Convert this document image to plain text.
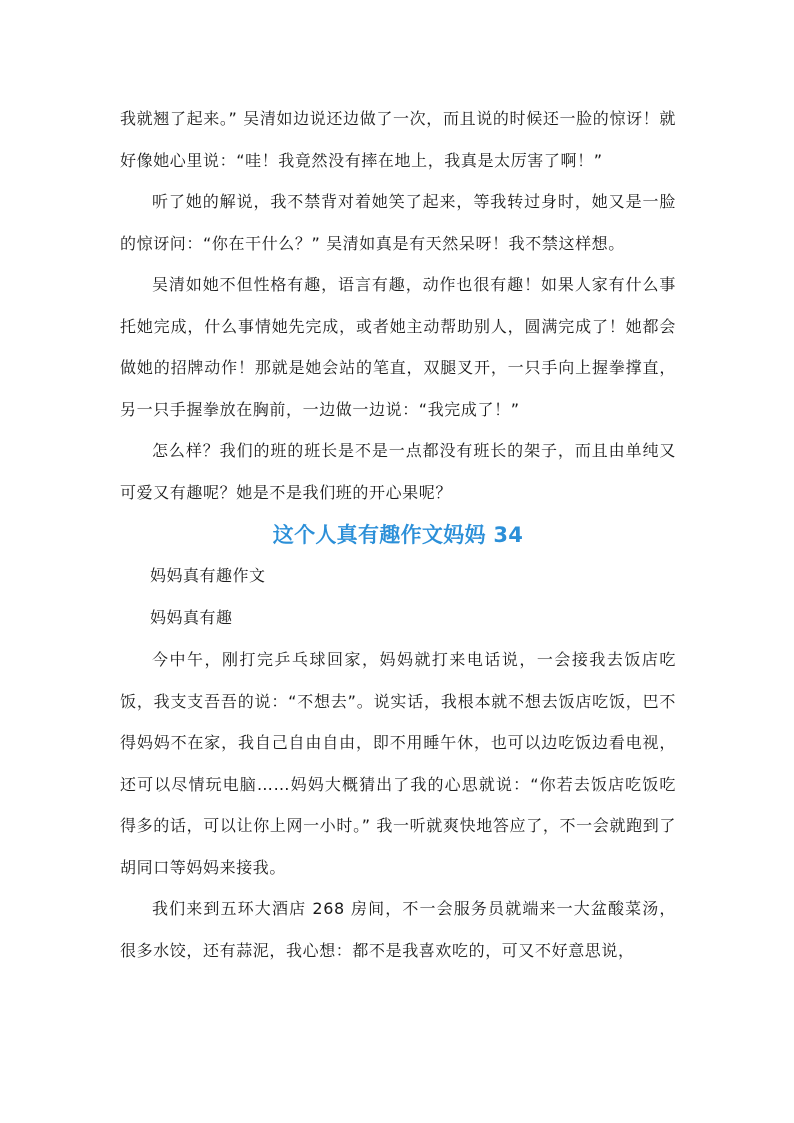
我就翘了起来。” 吴清如边说还边做了一次，而且说的时候还一脸的惊讶！就好像她心里说：“哇！我竟然没有摔在地上，我真是太厉害了啊！”

听了她的解说，我不禁背对着她笑了起来，等我转过身时，她又是一脸的惊讶问：“你在干什么？” 吴清如真是有天然呆呀！我不禁这样想。

吴清如她不但性格有趣，语言有趣，动作也很有趣！如果人家有什么事托她完成，什么事情她先完成，或者她主动帮助别人，圆满完成了！她都会做她的招牌动作！那就是她会站的笔直，双腿叉开，一只手向上握拳撑直，另一只手握拳放在胸前，一边做一边说：“我完成了！”

怎么样？我们的班的班长是不是一点都没有班长的架子，而且由单纯又可爱又有趣呢？她是不是我们班的开心果呢？

这个人真有趣作文妈妈 34

妈妈真有趣作文

妈妈真有趣

今中午，刚打完乒乓球回家，妈妈就打来电话说，一会接我去饭店吃饭，我支支吾吾的说：“不想去”。说实话，我根本就不想去饭店吃饭，巴不得妈妈不在家，我自己自由自由，即不用睡午休，也可以边吃饭边看电视，还可以尽情玩电脑……妈妈大概猜出了我的心思就说：“你若去饭店吃饭吃得多的话，可以让你上网一小时。” 我一听就爽快地答应了，不一会就跑到了胡同口等妈妈来接我。

我们来到五环大酒店 268 房间，不一会服务员就端来一大盆酸菜汤，很多水饺，还有蒜泥，我心想：都不是我喜欢吃的，可又不好意思说，
